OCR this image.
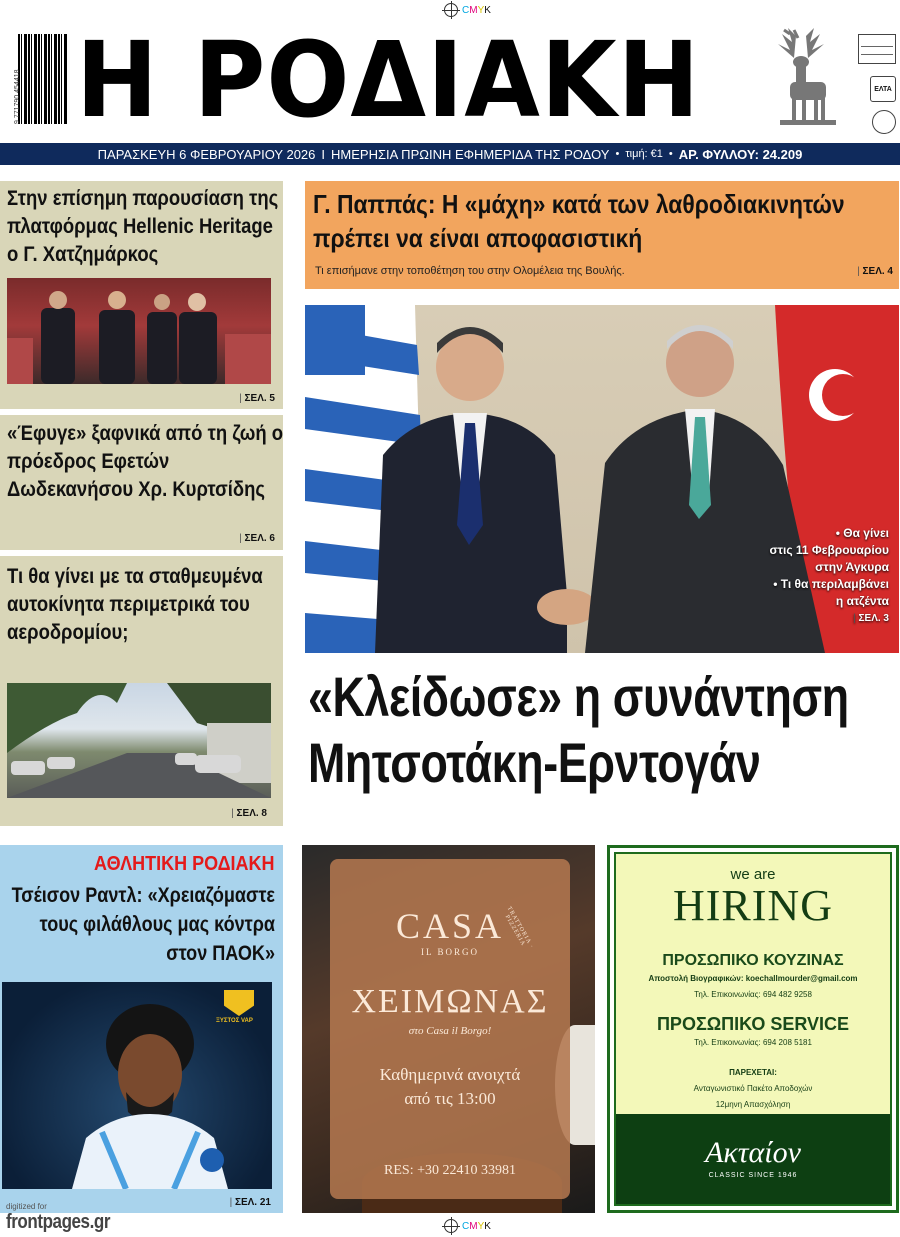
CMYK
CMYK
9 771790 454418 Η ΡΟΔΙΑΚΗ	ΕΛΤΑ
ΠΑΡΑΣΚΕΥΗ 6 ΦΕΒΡΟΥΑΡΙΟΥ 2026 Ι ΗΜΕΡΗΣΙΑ ΠΡΩΙΝΗ ΕΦΗΜΕΡΙΔΑ ΤΗΣ ΡΟΔΟΥ • τιμή: €1 • ΑΡ. ΦΥΛΛΟΥ: 24.209
Στην επίσημη παρουσίαση της πλατφόρμας Hellenic Heritage ο Γ. Χατζημάρκος
| ΣΕΛ. 5
«Έφυγε» ξαφνικά από τη ζωή ο πρόεδρος Εφετών Δωδεκανήσου Χρ. Κυρτσίδης
| ΣΕΛ. 6
Τι θα γίνει με τα σταθμευμένα αυτοκίνητα περιμετρικά του αεροδρομίου;
| ΣΕΛ. 8
Γ. Παππάς: Η «μάχη» κατά των λαθροδιακινητών πρέπει να είναι αποφασιστική
Τι επισήμανε στην τοποθέτηση του στην Ολομέλεια της Βουλής.
|	ΣΕΛ. 4
• Θα γίνει
στις 11 Φεβρουαρίου
στην Άγκυρα
• Τι θα περιλαμβάνει
η ατζέντα
| ΣΕΛ. 3
«Κλείδωσε» η συνάντηση
Μητσοτάκη-Ερντογάν
ΑΘΛΗΤΙΚΗ ΡΟΔΙΑΚΗ
Τσέισον Ραντλ: «Χρειαζόμαστε τους φιλάθλους μας κόντρα στον ΠΑΟΚ»
ΞΥΣΤΟΣ VAP
| ΣΕΛ. 21
CASA
IL BORGO
TRATTORIA · PIZZERIA
ΧΕΙΜΩΝΑΣ
στο Casa il Borgo!
Καθημερινά ανοιχτά
από τις 13:00
RES: +30 22410 33981
we are
HIRING
ΠΡΟΣΩΠΙΚΟ ΚΟΥΖΙΝΑΣ
Αποστολή Βιογραφικών: koechallmourder@gmail.com
Τηλ. Επικοινωνίας: 694 482 9258
ΠΡΟΣΩΠΙΚΟ SERVICE
Τηλ. Επικοινωνίας: 694 208 5181
ΠΑΡΕΧΕΤΑΙ:
Ανταγωνιστικό Πακέτο Αποδοχών
12μηνη Απασχόληση
Ακταίον
CLASSIC SINCE 1946
digitized for
frontpages.gr
